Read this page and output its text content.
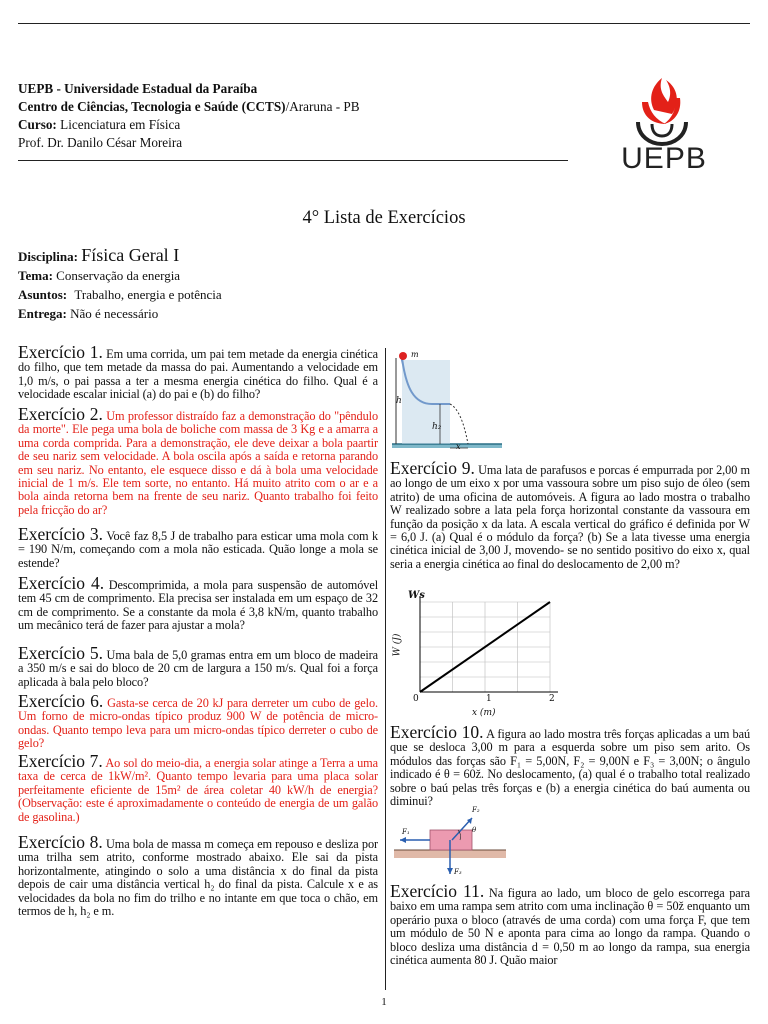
UEPB - Universidade Estadual da Paraíba
Centro de Ciências, Tecnologia e Saúde (CCTS)/Araruna - PB
Curso: Licenciatura em Física
Prof. Dr. Danilo César Moreira	UEPB
4° Lista de Exercícios
Disciplina: Física Geral I
Tema: Conservação da energia
Asuntos: Trabalho, energia e potência
Entrega: Não é necessário
Exercício 1. Em uma corrida, um pai tem metade da energia cinética do filho, que tem metade da massa do pai. Aumentando a velocidade em 1,0 m/s, o pai passa a ter a mesma energia cinética do filho. Qual é a velocidade escalar inicial (a) do pai e (b) do filho?
Exercício 2. Um professor distraído faz a demonstração do "pêndulo da morte". Ele pega uma bola de boliche com massa de 3 Kg e a amarra a uma corda comprida. Para a demonstração, ele deve deixar a bola paartir de seu nariz sem velocidade. A bola oscila após a saída e retorna parando em seu nariz. No entanto, ele esquece disso e dá à bola uma velocidade inicial de 1 m/s. Ele tem sorte, no entanto. Há muito atrito com o ar e a bola ainda retorna bem na frente de seu nariz. Quanto trabalho foi feito pela fricção do ar?
Exercício 3. Você faz 8,5 J de trabalho para esticar uma mola com k = 190 N/m, começando com a mola não esticada. Quão longe a mola se estende?
Exercício 4. Descomprimida, a mola para suspensão de automóvel tem 45 cm de comprimento. Ela precisa ser instalada em um espaço de 32 cm de comprimento. Se a constante da mola é 3,8 kN/m, quanto trabalho um mecânico terá de fazer para ajustar a mola?
Exercício 5. Uma bala de 5,0 gramas entra em um bloco de madeira a 350 m/s e sai do bloco de 20 cm de largura a 150 m/s. Qual foi a força aplicada à bala pelo bloco?
Exercício 6. Gasta-se cerca de 20 kJ para derreter um cubo de gelo. Um forno de micro-ondas típico produz 900 W de potência de micro-ondas. Quanto tempo leva para um micro-ondas típico derreter o cubo de gelo?
Exercício 7. Ao sol do meio-dia, a energia solar atinge a Terra a uma taxa de cerca de 1kW/m². Quanto tempo levaria para uma placa solar perfeitamente eficiente de 15m² de área coletar 40 kW/h de energia? (Observação: este é aproximadamente o conteúdo de energia de um galão de gasolina.)
Exercício 8. Uma bola de massa m começa em repouso e desliza por uma trilha sem atrito, conforme mostrado abaixo. Ele sai da pista horizontalmente, atingindo o solo a uma distância x do final da pista depois de cair uma distância vertical h₂ do final da pista. Calcule x e as velocidades da bola no fim do trilho e no intante em que toca o chão, em termos de h, h₂ e m.
m
h
h₂
x
Exercício 9. Uma lata de parafusos e porcas é empurrada por 2,00 m ao longo de um eixo x por uma vassoura sobre um piso sujo de óleo (sem atrito) de uma oficina de automóveis. A figura ao lado mostra o trabalho W realizado sobre a lata pela força horizontal constante da vassoura em função da posição x da lata. A escala vertical do gráfico é definida por W = 6,0 J. (a) Qual é o módulo da força? (b) Se a lata tivesse uma energia cinética inicial de 3,00 J, movendo- se no sentido positivo do eixo x, qual seria a energia cinética ao final do deslocamento de 2,00 m?
Ws
W (J)
0	1	2
x (m)
Exercício 10. A figura ao lado mostra três forças aplicadas a um baú que se desloca 3,00 m para a esquerda sobre um piso sem arito. Os módulos das forças são F₁ = 5,00N, F₂ = 9,00N e F₃ = 3,00N; o ângulo indicado é θ = 60ž. No deslocamento, (a) qual é o trabalho total realizado sobre o baú pelas três forças e (b) a energia cinética do baú aumenta ou diminui?
F₂
F₁
F₃
θ
Exercício 11. Na figura ao lado, um bloco de gelo escorrega para baixo em uma rampa sem atrito com uma inclinação θ = 50ž enquanto um operário puxa o bloco (através de uma corda) com uma força F, que tem um módulo de 50 N e aponta para cima ao longo da rampa. Quando o bloco desliza uma distância d = 0,50 m ao longo da rampa, sua energia cinética aumenta 80 J. Quão maior
1
